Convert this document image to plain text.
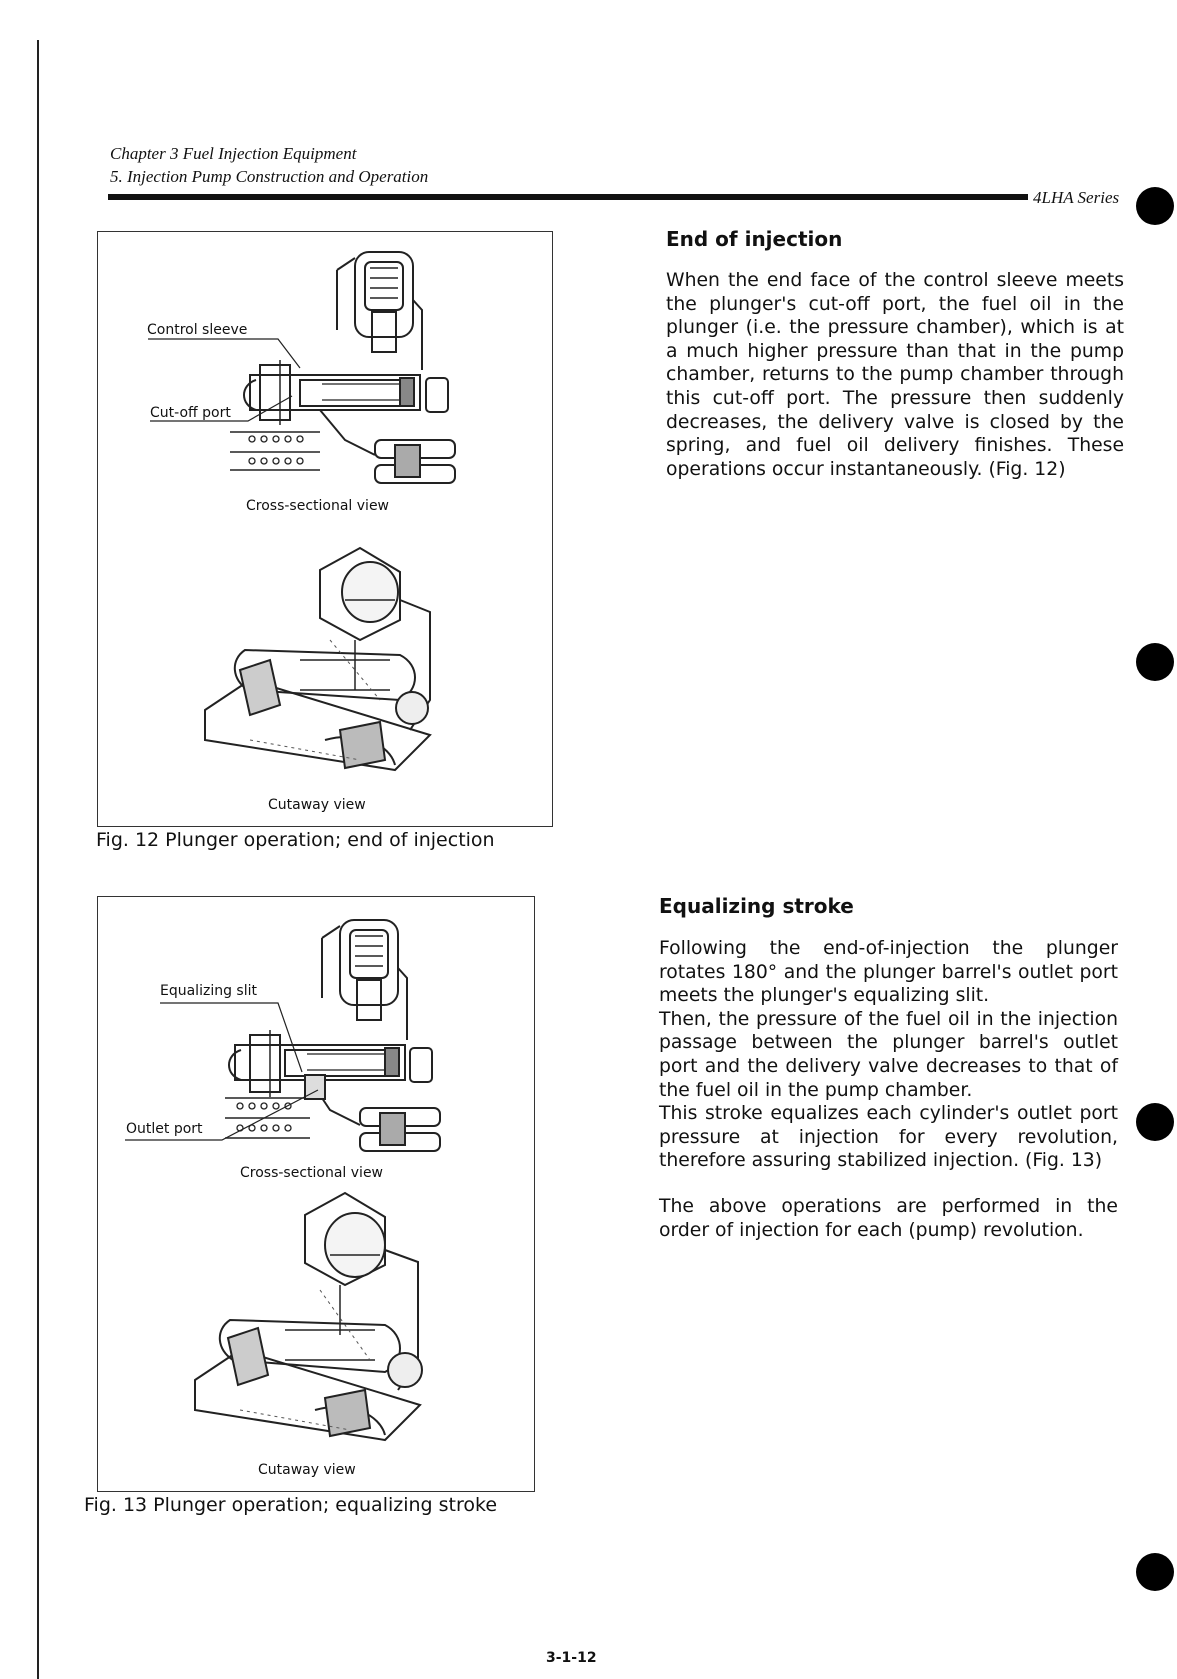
Chapter 3 Fuel Injection Equipment
5. Injection Pump Construction and Operation
4LHA Series
Control sleeve
Cut-off port
Cross-sectional view
Cutaway view
Fig. 12 Plunger operation; end of injection
Equalizing slit
Outlet port
Cross-sectional view
Cutaway view
Fig. 13 Plunger operation; equalizing stroke
End of injection

When the end face of the control sleeve meets the plunger's cut-off port, the fuel oil in the plunger (i.e. the pressure chamber), which is at a much higher pressure than that in the pump chamber, returns to the pump chamber through this cut-off port. The pressure then suddenly decreases, the delivery valve is closed by the spring, and fuel oil delivery finishes. These operations occur instantaneously. (Fig. 12)

Equalizing stroke

Following the end-of-injection the plunger rotates 180° and the plunger barrel's outlet port meets the plunger's equalizing slit.

Then, the pressure of the fuel oil in the injection passage between the plunger barrel's outlet port and the delivery valve decreases to that of the fuel oil in the pump chamber.

This stroke equalizes each cylinder's outlet port pressure at injection for every revolution, therefore assuring stabilized injection. (Fig. 13)

The above operations are performed in the order of injection for each (pump) revolution.

3-1-12
